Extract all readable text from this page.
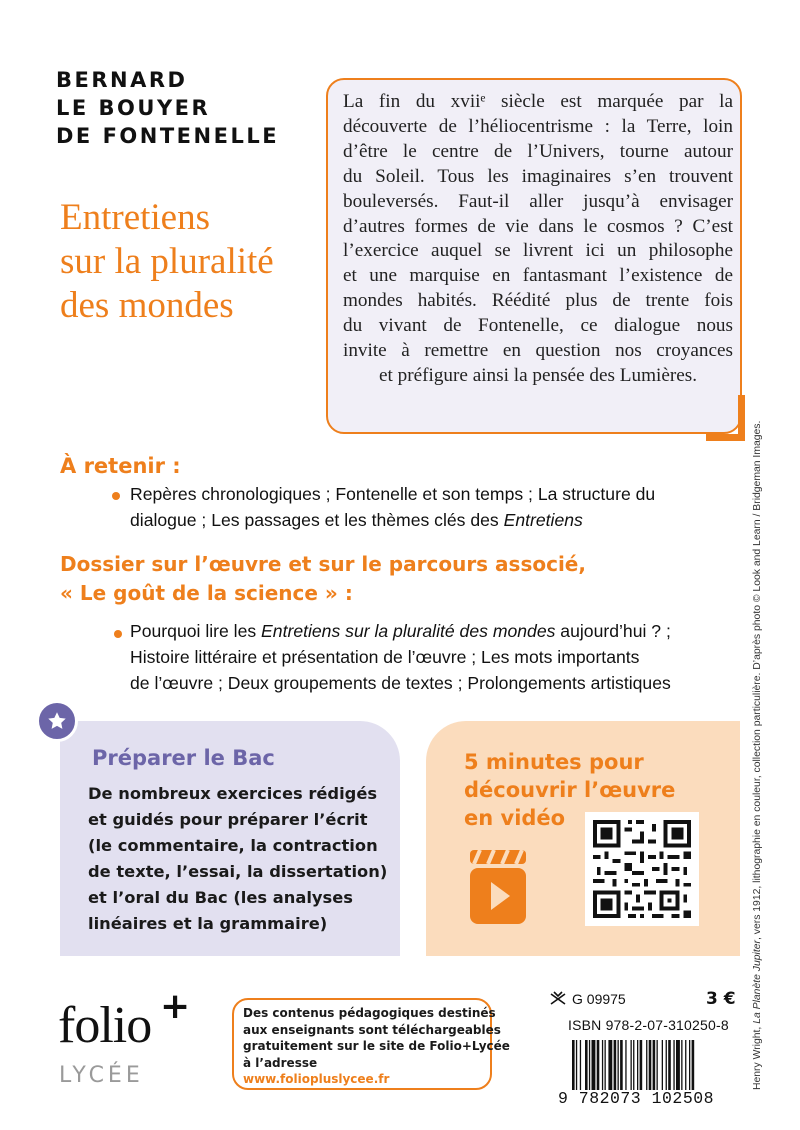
BERNARD
LE BOUYER
DE FONTENELLE
Entretiens
sur la pluralité
des mondes
La fin du xviiᵉ siècle est marquée par la
découverte de l’héliocentrisme : la Terre, loin
d’être le centre de l’Univers, tourne autour
du Soleil. Tous les imaginaires s’en trouvent
bouleversés. Faut-il aller jusqu’à envisager
d’autres formes de vie dans le cosmos ? C’est
l’exercice auquel se livrent ici un philosophe
et une marquise en fantasmant l’existence de
mondes habités. Réédité plus de trente fois
du vivant de Fontenelle, ce dialogue nous
invite à remettre en question nos croyances
et préfigure ainsi la pensée des Lumières.
À retenir :
Repères chronologiques ; Fontenelle et son temps ; La structure du
dialogue ; Les passages et les thèmes clés des Entretiens
Dossier sur l’œuvre et sur le parcours associé,
« Le goût de la science » :
Pourquoi lire les Entretiens sur la pluralité des mondes aujourd’hui ? ;
Histoire littéraire et présentation de l’œuvre ; Les mots importants
de l’œuvre ; Deux groupements de textes ; Prolongements artistiques
Préparer le Bac
De nombreux exercices rédigés
et guidés pour préparer l’écrit
(le commentaire, la contraction
de texte, l’essai, la dissertation)
et l’oral du Bac (les analyses
linéaires et la grammaire)
5 minutes pour
découvrir l’œuvre
en vidéo
folio +
LYCÉE
Des contenus pédagogiques destinés
aux enseignants sont téléchargeables
gratuitement sur le site de Folio+Lycée
à l’adresse
www.foliopluslycee.fr
G 09975	3 €
ISBN 978-2-07-310250-8
9 782073 102508
Henry Wright, La Planète Jupiter, vers 1912, lithographie en couleur, collection particulière. D’après photo © Look and Learn / Bridgeman Images.
